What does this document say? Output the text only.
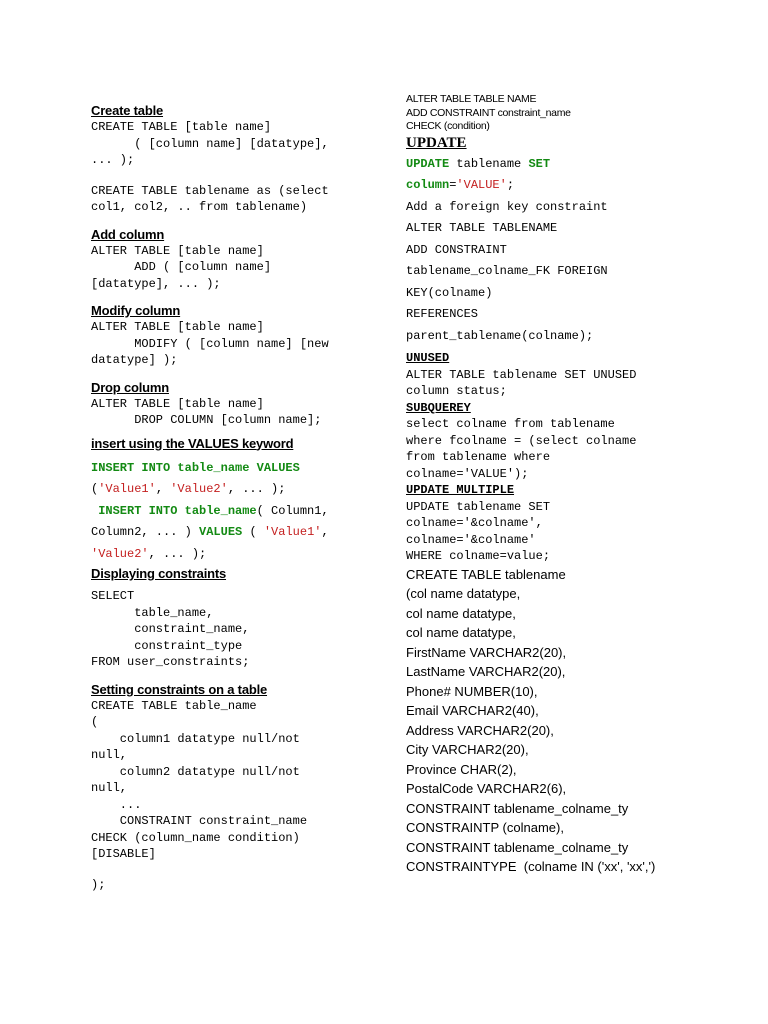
Create table

CREATE TABLE [table name]
( [column name] [datatype],
... );

CREATE TABLE tablename as (select
col1, col2, .. from tablename)

Add column

ALTER TABLE [table name]
ADD ( [column name]
[datatype], ... );

Modify column

ALTER TABLE [table name]
MODIFY ( [column name] [new
datatype] );

Drop column

ALTER TABLE [table name]
DROP COLUMN [column name];

insert using the VALUES keyword

INSERT INTO table_name VALUES

('Value1', 'Value2', ... );

INSERT INTO table_name( Column1,

Column2, ... ) VALUES ( 'Value1',

'Value2', ... );

Displaying constraints

SELECT
table_name,
constraint_name,
constraint_type
FROM user_constraints;

Setting constraints on a table

CREATE TABLE table_name
(
column1 datatype null/not
null,
column2 datatype null/not
null,
...
CONSTRAINT constraint_name
CHECK (column_name condition)
[DISABLE]

);

ALTER TABLE TABLE NAME

ADD CONSTRAINT constraint_name

CHECK (condition)

UPDATE

UPDATE tablename SET

column='VALUE';

Add a foreign key constraint
ALTER TABLE TABLENAME
ADD CONSTRAINT
tablename_colname_FK FOREIGN
KEY(colname)
REFERENCES
parent_tablename(colname);

UNUSED

ALTER TABLE tablename SET UNUSED
column status;

SUBQUEREY

select colname from tablename
where fcolname = (select colname
from tablename where
colname='VALUE');

UPDATE MULTIPLE

UPDATE tablename SET
colname='&colname',
colname='&colname'
WHERE colname=value;

CREATE TABLE tablename

(col name datatype,

col name datatype,

col name datatype,

FirstName VARCHAR2(20),

LastName VARCHAR2(20),

Phone# NUMBER(10),

Email VARCHAR2(40),

Address VARCHAR2(20),

City VARCHAR2(20),

Province CHAR(2),

PostalCode VARCHAR2(6),

CONSTRAINT tablename_colname_ty

CONSTRAINTP (colname),

CONSTRAINT tablename_colname_ty

CONSTRAINTYPE  (colname IN ('xx', 'xx',')
